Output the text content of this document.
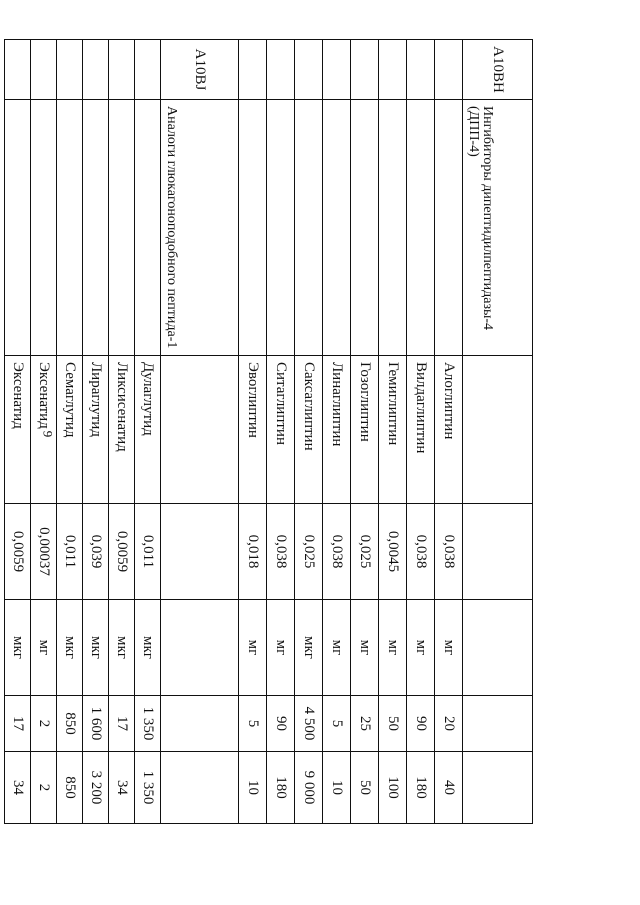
9
A10BH	Ингибиторы дипептидилпептидазы-4 (ДПП-4)					
		Алоглиптин	0,038	мг	20	40
		Вилдаглиптин	0,038	мг	90	180
		Гемиглиптин	0,0045	мг	50	100
		Гозоглиптин	0,025	мг	25	50
		Линаглиптин	0,038	мг	5	10
		Саксаглиптин	0,025	мкг	4 500	9 000
		Ситаглиптин	0,038	мг	90	180
		Эвоглиптин	0,018	мг	5	10
A10BJ	Аналоги глюкагоноподобного пептида-1					
		Дулаглутид	0,011	мкг	1 350	1 350
		Ликсисенатид	0,0059	мкг	17	34
		Лираглутид	0,039	мкг	1 600	3 200
		Семаглутид	0,011	мкг	850	850
		Эксенатид	0,00037	мг	2	2
		Эксенатид	0,0059	мкг	17	34
